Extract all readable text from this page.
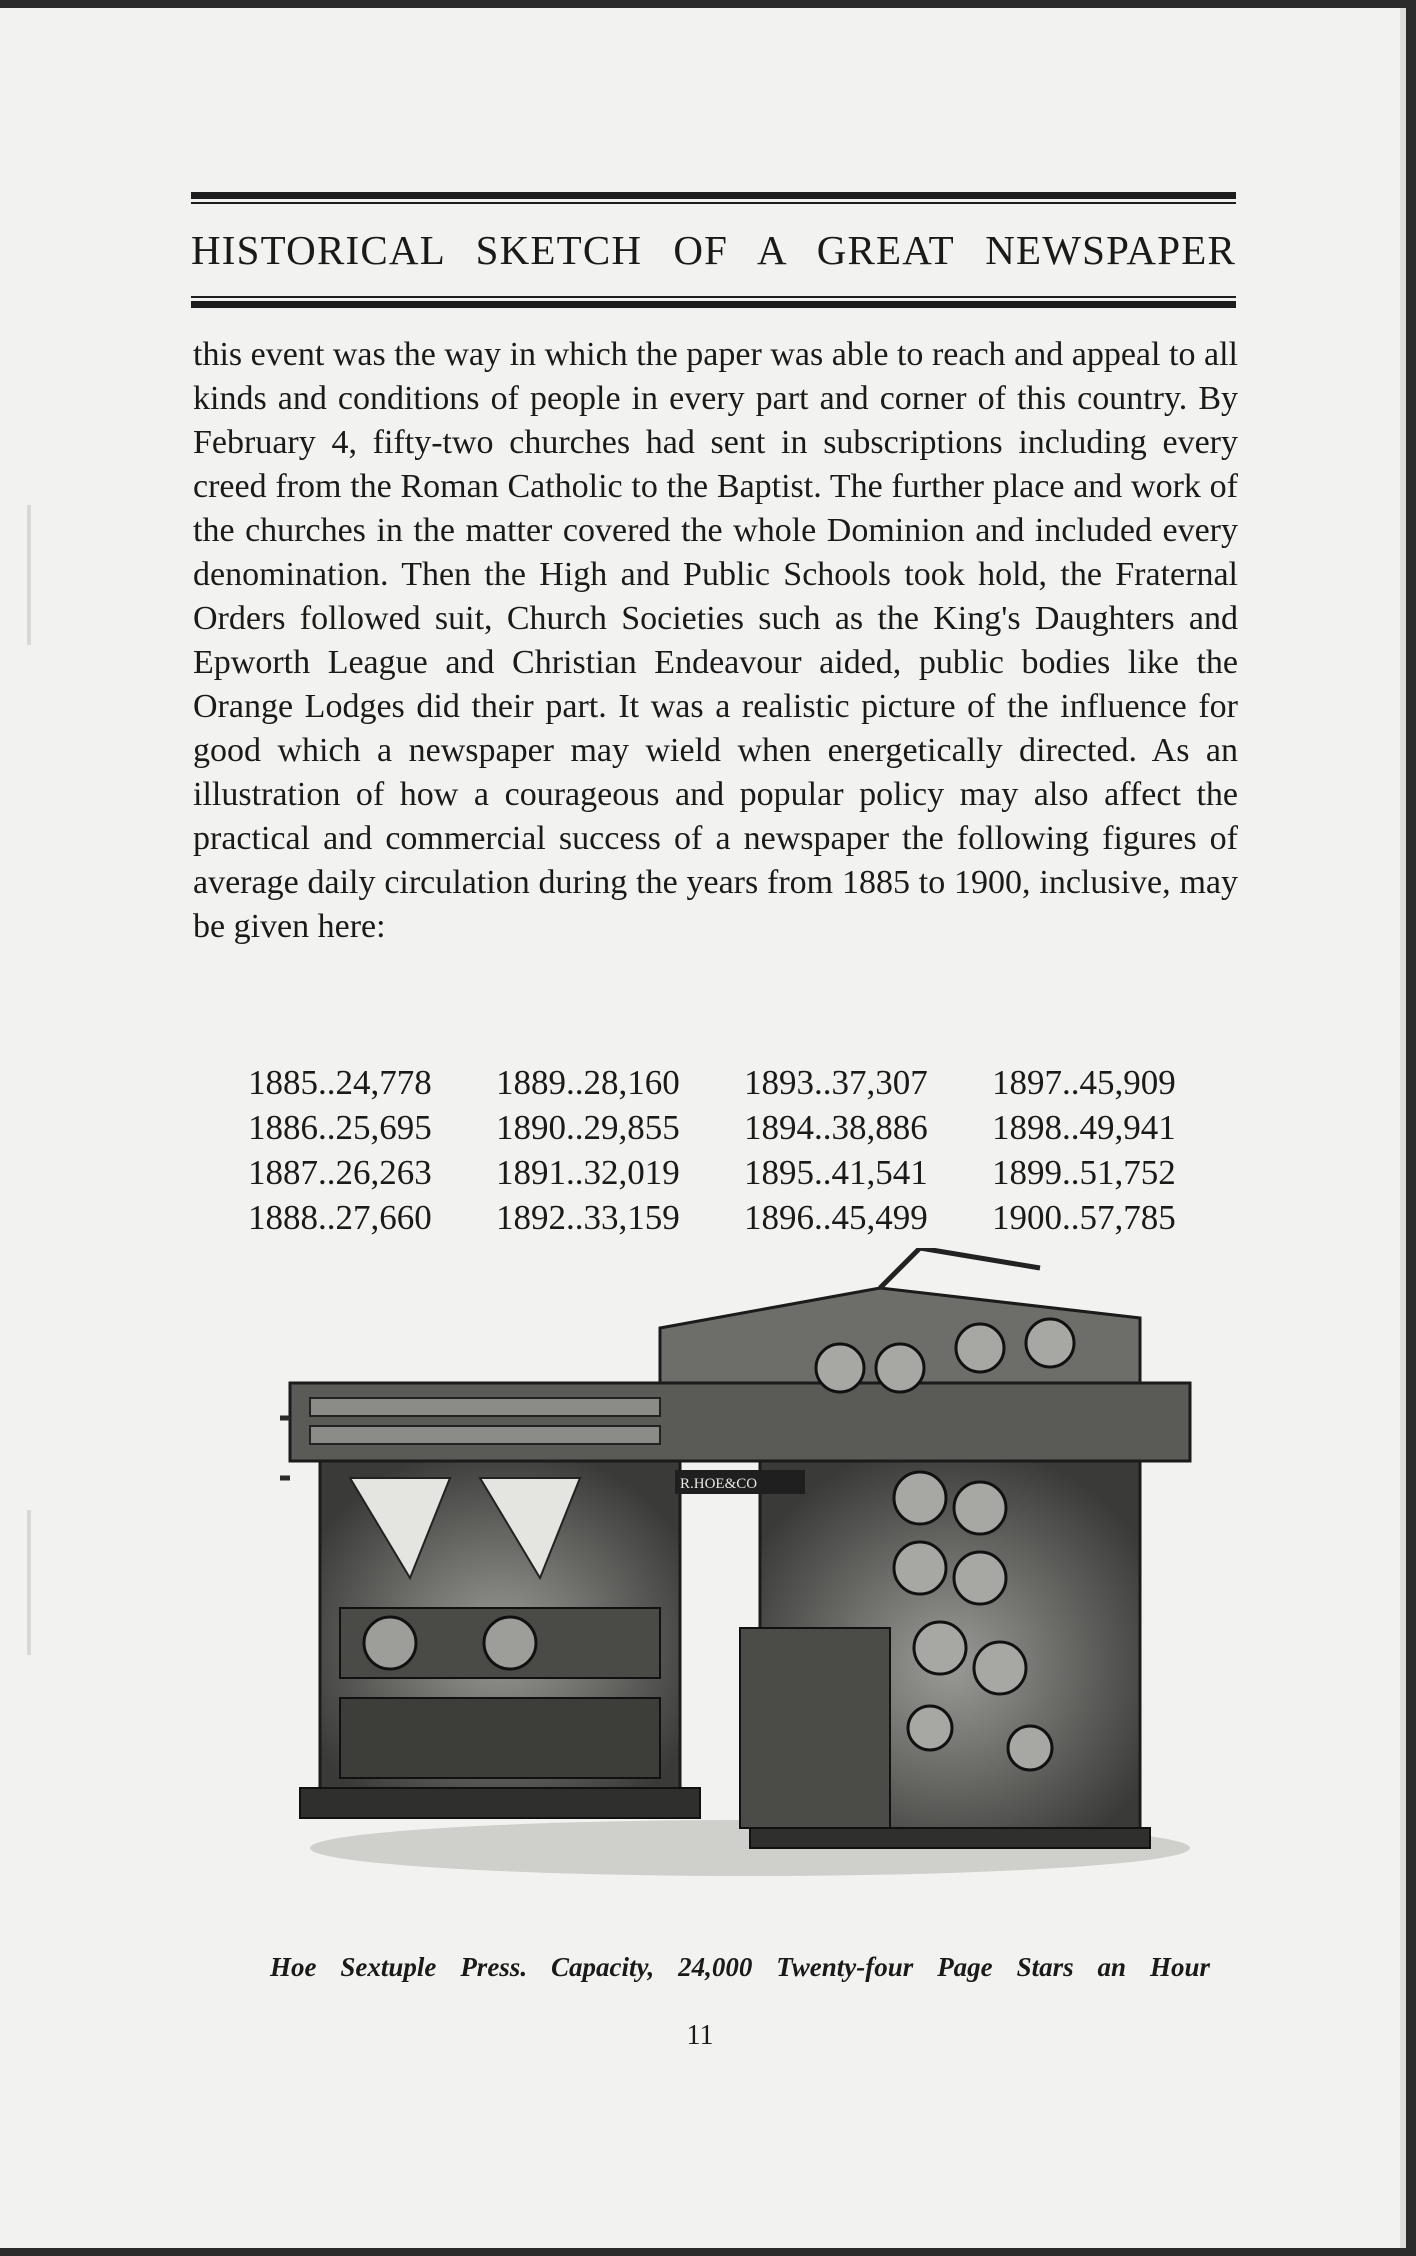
HISTORICAL SKETCH OF A GREAT NEWSPAPER

this event was the way in which the paper was able to reach and appeal to all kinds and conditions of people in every part and corner of this country. By February 4, fifty-two churches had sent in subscriptions including every creed from the Roman Catholic to the Baptist. The further place and work of the churches in the matter covered the whole Dominion and included every denomination. Then the High and Public Schools took hold, the Fraternal Orders followed suit, Church Societies such as the King's Daughters and Epworth League and Christian Endeavour aided, public bodies like the Orange Lodges did their part. It was a realistic picture of the influence for good which a newspaper may wield when energetically directed. As an illustration of how a courageous and popular policy may also affect the practical and commercial success of a newspaper the following figures of average daily circulation during the years from 1885 to 1900, inclusive, may be given here:

1885..24,778	1889..28,160	1893..37,307	1897..45,909
1886..25,695	1890..29,855	1894..38,886	1898..49,941
1887..26,263	1891..32,019	1895..41,541	1899..51,752
1888..27,660	1892..33,159	1896..45,499	1900..57,785
R.HOE&CO
Hoe Sextuple Press. Capacity, 24,000 Twenty-four Page Stars an Hour
11
